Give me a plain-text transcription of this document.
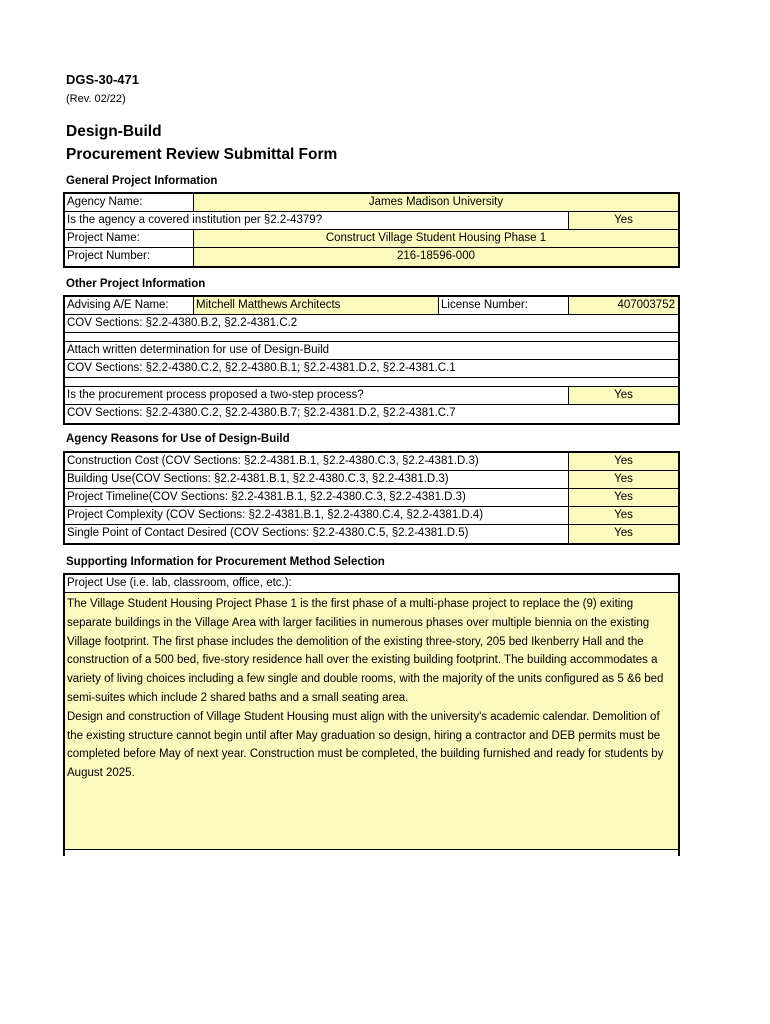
DGS-30-471
(Rev. 02/22)
Design-Build
Procurement Review Submittal Form
General Project Information
Agency Name:	James Madison University
Is the agency a covered institution per §2.2-4379?	Yes
Project Name:	Construct Village Student Housing Phase 1
Project Number:	216-18596-000
Other Project Information
Advising A/E Name:	Mitchell Matthews Architects	License Number:	407003752
COV Sections: §2.2-4380.B.2, §2.2-4381.C.2
Attach written determination for use of Design-Build
COV Sections: §2.2-4380.C.2, §2.2-4380.B.1; §2.2-4381.D.2, §2.2-4381.C.1
Is the procurement process proposed a two-step process?	Yes
COV Sections: §2.2-4380.C.2, §2.2-4380.B.7; §2.2-4381.D.2, §2.2-4381.C.7
Agency Reasons for Use of Design-Build
Construction Cost (COV Sections: §2.2-4381.B.1, §2.2-4380.C.3, §2.2-4381.D.3)	Yes
Building Use(COV Sections: §2.2-4381.B.1, §2.2-4380.C.3, §2.2-4381.D.3)	Yes
Project Timeline(COV Sections: §2.2-4381.B.1, §2.2-4380.C.3, §2.2-4381.D.3)	Yes
Project Complexity (COV Sections: §2.2-4381.B.1, §2.2-4380.C.4, §2.2-4381.D.4)	Yes
Single Point of Contact Desired (COV Sections: §2.2-4380.C.5, §2.2-4381.D.5)	Yes
Supporting Information for Procurement Method Selection
Project Use (i.e. lab, classroom, office, etc.):
The Village Student Housing Project Phase 1 is the first phase of a multi-phase project to replace the (9) exiting separate buildings in the Village Area with larger facilities in numerous phases over multiple biennia on the existing Village footprint. The first phase includes the demolition of the existing three-story, 205 bed Ikenberry Hall and the construction of a 500 bed, five-story residence hall over the existing building footprint. The building accommodates a variety of living choices including a few single and double rooms, with the majority of the units configured as 5 &6 bed semi-suites which include 2 shared baths and a small seating area.
Design and construction of Village Student Housing must align with the university's academic calendar. Demolition of the existing structure cannot begin until after May graduation so design, hiring a contractor and DEB permits must be completed before May of next year. Construction must be completed, the building furnished and ready for students by August 2025.
